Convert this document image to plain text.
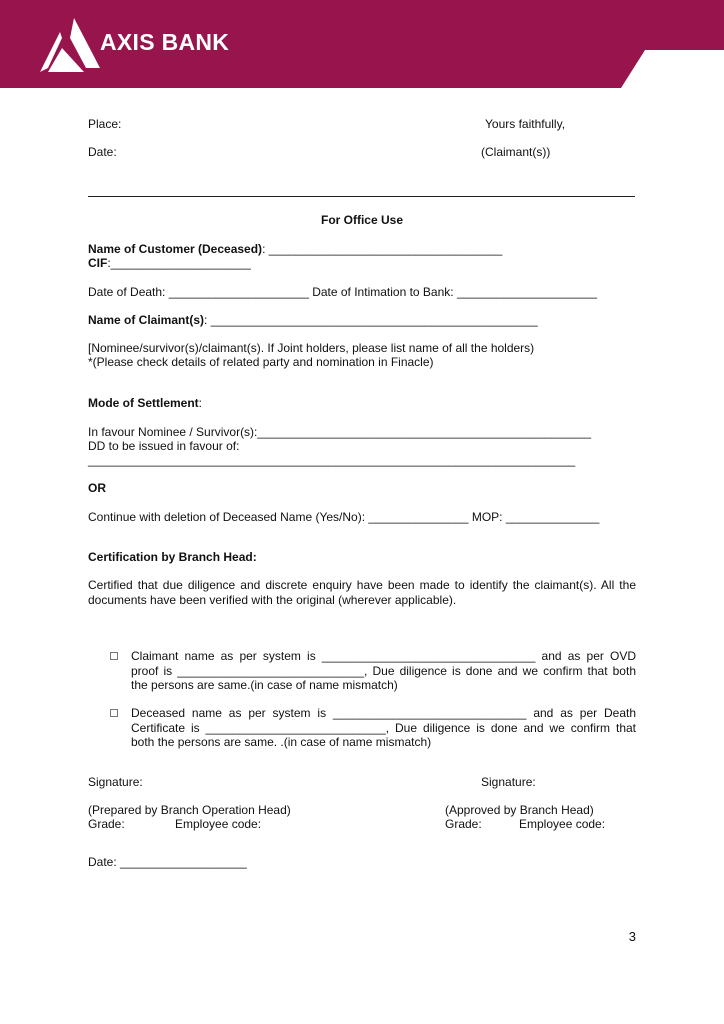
AXIS BANK
Place:	Yours faithfully,
Date:	(Claimant(s))
For Office Use
Name of Customer (Deceased): ___________________________________
CIF:_____________________
Date of Death: _____________________ Date of Intimation to Bank: _____________________
Name of Claimant(s): _________________________________________________
[Nominee/survivor(s)/claimant(s). If Joint holders, please list name of all the holders)
*(Please check details of related party and nomination in Finacle)
Mode of Settlement:
In favour Nominee / Survivor(s):__________________________________________________
DD to be issued in favour of:
_________________________________________________________________________
OR
Continue with deletion of Deceased Name (Yes/No): _______________ MOP: ______________
Certification by Branch Head:
Certified that due diligence and discrete enquiry have been made to identify the claimant(s). All the documents have been verified with the original (wherever applicable).
Claimant name as per system is ________________________________ and as per OVD proof is ____________________________, Due diligence is done and we confirm that both the persons are same.(in case of name mismatch)
Deceased name as per system is _____________________________ and as per Death Certificate is ___________________________, Due diligence is done and we confirm that both the persons are same. .(in case of name mismatch)
Signature:	Signature:
(Prepared by Branch Operation Head)	(Approved by Branch Head)
Grade:	Employee code:	Grade:	Employee code:
Date: ___________________
3
